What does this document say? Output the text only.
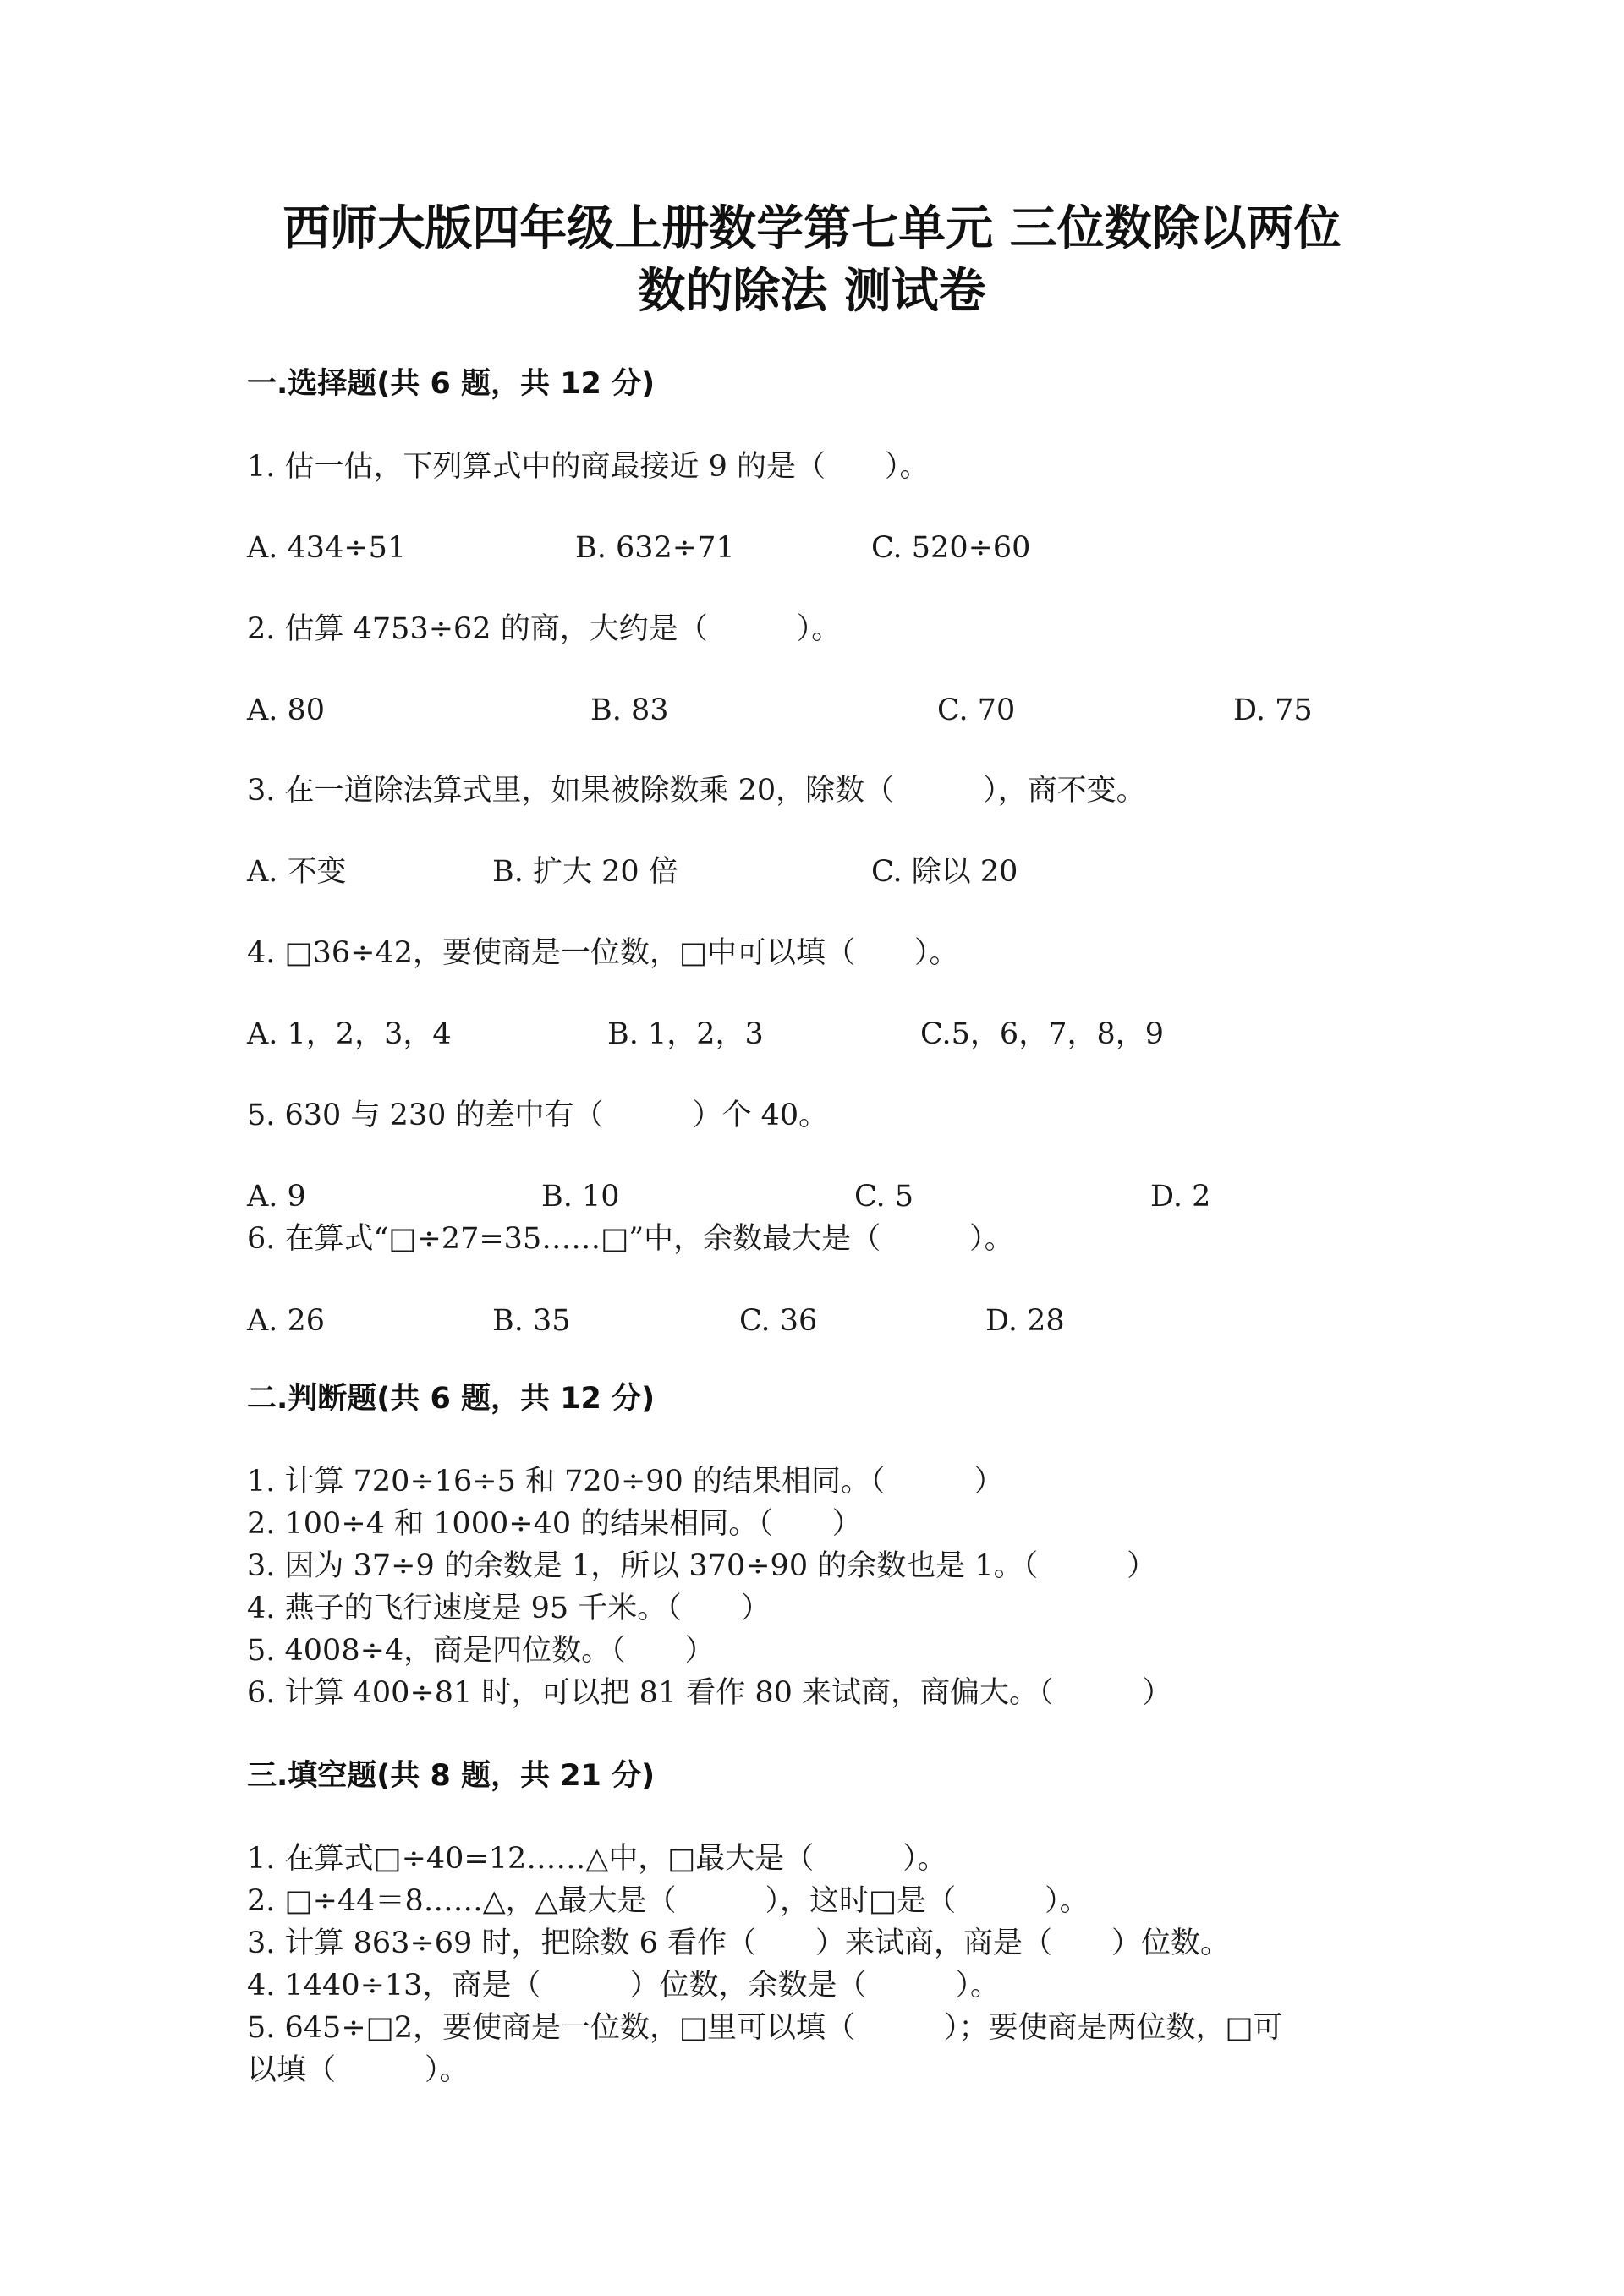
西师大版四年级上册数学第七单元 三位数除以两位
数的除法 测试卷
一.选择题(共 6 题，共 12 分)
1. 估一估，下列算式中的商最接近 9 的是（　　）。
A. 434÷51	B. 632÷71	C. 520÷60
2. 估算 4753÷62 的商，大约是（　　　）。
A. 80	B. 83	C. 70	D. 75
3. 在一道除法算式里，如果被除数乘 20，除数（　　　），商不变。
A. 不变	B. 扩大 20 倍	C. 除以 20
4. □36÷42，要使商是一位数，□中可以填（　　）。
A. 1，2，3，4	B. 1，2，3	C.5，6，7，8，9
5. 630 与 230 的差中有（　　　）个 40。
A. 9	B. 10	C. 5	D. 2
6. 在算式“□÷27=35……□”中，余数最大是（　　　）。
A. 26	B. 35	C. 36	D. 28
二.判断题(共 6 题，共 12 分)
1. 计算 720÷16÷5 和 720÷90 的结果相同。（　　　）
2. 100÷4 和 1000÷40 的结果相同。（　　）
3. 因为 37÷9 的余数是 1，所以 370÷90 的余数也是 1。（　　　）
4. 燕子的飞行速度是 95 千米。（　　）
5. 4008÷4，商是四位数。（　　）
6. 计算 400÷81 时，可以把 81 看作 80 来试商，商偏大。（　　　）
三.填空题(共 8 题，共 21 分)
1. 在算式□÷40=12……△中，□最大是（　　　）。
2. □÷44＝8……△，△最大是（　　　），这时□是（　　　）。
3. 计算 863÷69 时，把除数 6 看作（　　）来试商，商是（　　）位数。
4. 1440÷13，商是（　　　）位数，余数是（　　　）。
5. 645÷□2，要使商是一位数，□里可以填（　　　）；要使商是两位数，□可
以填（　　　）。
